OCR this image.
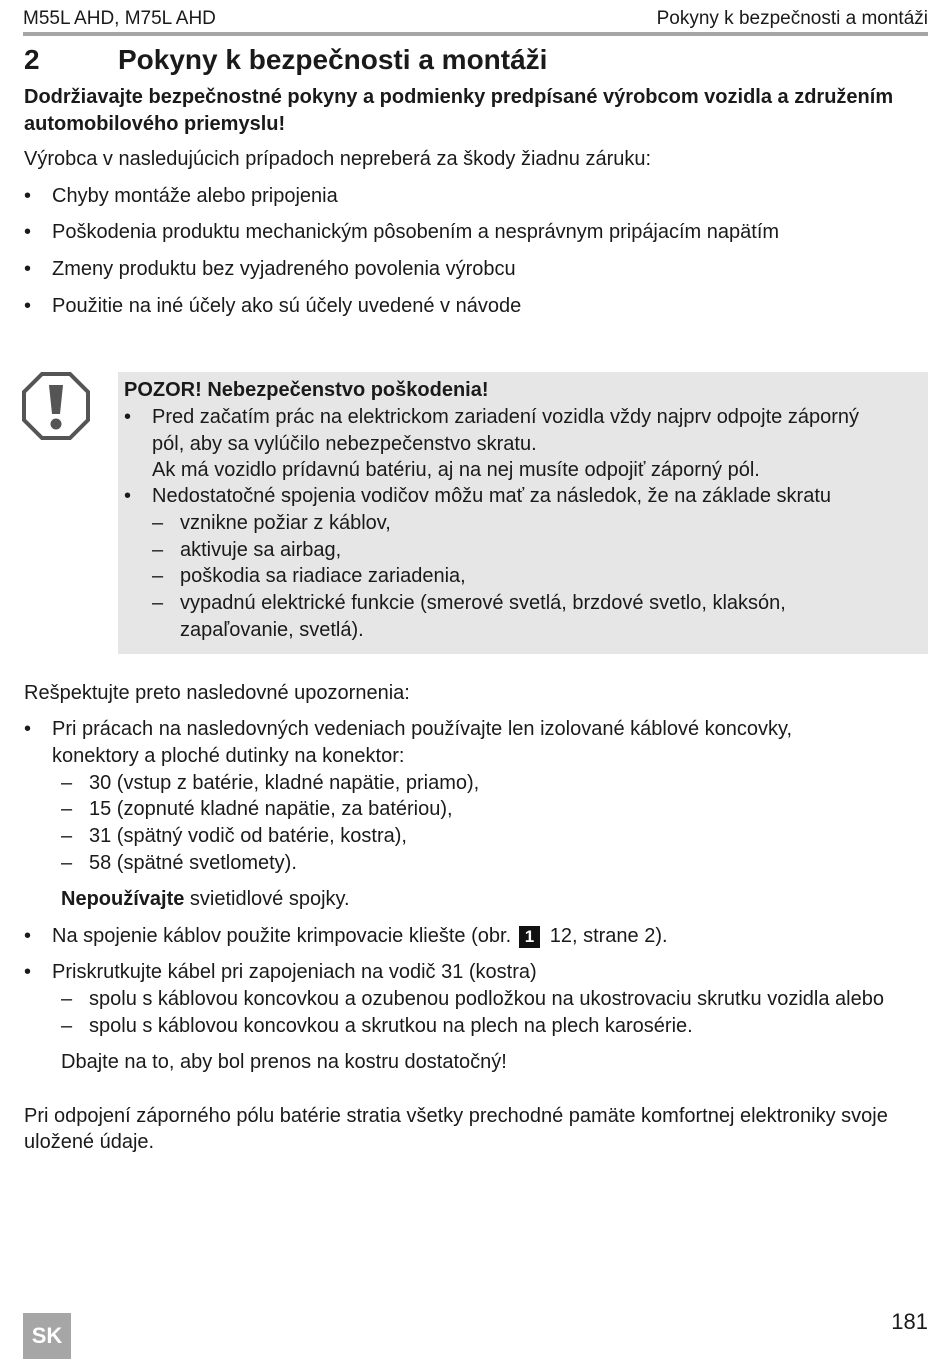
M55L AHD, M75L AHD	Pokyny k bezpečnosti a montáži
2	Pokyny k bezpečnosti a montáži
Dodržiavajte bezpečnostné pokyny a podmienky predpísané výrobcom vozidla a združením automobilového priemyslu!
Výrobca v nasledujúcich prípadoch nepreberá za škody žiadnu záruku:
•	Chyby montáže alebo pripojenia
•	Poškodenia produktu mechanickým pôsobením a nesprávnym pripájacím napätím
•	Zmeny produktu bez vyjadreného povolenia výrobcu
•	Použitie na iné účely ako sú účely uvedené v návode
POZOR! Nebezpečenstvo poškodenia!
• Pred začatím prác na elektrickom zariadení vozidla vždy najprv odpojte záporný
pól, aby sa vylúčilo nebezpečenstvo skratu.
Ak má vozidlo prídavnú batériu, aj na nej musíte odpojiť záporný pól.
• Nedostatočné spojenia vodičov môžu mať za následok, že na základe skratu
– vznikne požiar z káblov,
– aktivuje sa airbag,
– poškodia sa riadiace zariadenia,
– vypadnú elektrické funkcie (smerové svetlá, brzdové svetlo, klaksón,
zapaľovanie, svetlá).
Rešpektujte preto nasledovné upozornenia:
•	Pri prácach na nasledovných vedeniach používajte len izolované káblové koncovky,
konektory a ploché dutinky na konektor:
– 30 (vstup z batérie, kladné napätie, priamo),
– 15 (zopnuté kladné napätie, za batériou),
– 31 (spätný vodič od batérie, kostra),
– 58 (spätné svetlomety).
Nepoužívajte svietidlové spojky.
•	Na spojenie káblov použite krimpovacie kliešte (obr. 1 12, strane 2).
•	Priskrutkujte kábel pri zapojeniach na vodič 31 (kostra)
– spolu s káblovou koncovkou a ozubenou podložkou na ukostrovaciu skrutku vozidla alebo
– spolu s káblovou koncovkou a skrutkou na plech na plech karosérie.
Dbajte na to, aby bol prenos na kostru dostatočný!
Pri odpojení záporného pólu batérie stratia všetky prechodné pamäte komfortnej elektroniky svoje
uložené údaje.
SK
181
